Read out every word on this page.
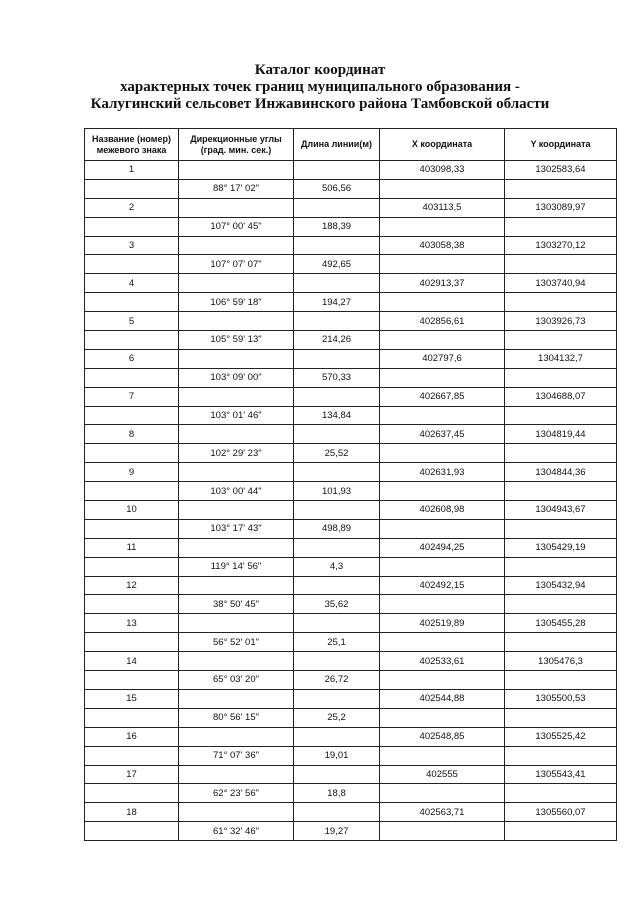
Каталог координат
характерных точек границ муниципального образования -
Калугинский сельсовет Инжавинского района Тамбовской области
Название (номер) межевого знака	Дирекционные углы (град. мин. сек.)	Длина линии(м)	X координата	Y координата
1			403098,33	1302583,64
	88° 17' 02"	506,56		
2			403113,5	1303089,97
	107° 00' 45"	188,39		
3			403058,38	1303270,12
	107° 07' 07"	492,65		
4			402913,37	1303740,94
	106° 59' 18"	194,27		
5			402856,61	1303926,73
	105° 59' 13"	214,26		
6			402797,6	1304132,7
	103° 09' 00"	570,33		
7			402667,85	1304688,07
	103° 01' 46"	134,84		
8			402637,45	1304819,44
	102° 29' 23"	25,52		
9			402631,93	1304844,36
	103° 00' 44"	101,93		
10			402608,98	1304943,67
	103° 17' 43"	498,89		
11			402494,25	1305429,19
	119° 14' 56"	4,3		
12			402492,15	1305432,94
	38° 50' 45"	35,62		
13			402519,89	1305455,28
	56° 52' 01"	25,1		
14			402533,61	1305476,3
	65° 03' 20"	26,72		
15			402544,88	1305500,53
	80° 56' 15"	25,2		
16			402548,85	1305525,42
	71° 07' 36"	19,01		
17			402555	1305543,41
	62° 23' 56"	18,8		
18			402563,71	1305560,07
	61° 32' 46"	19,27		
